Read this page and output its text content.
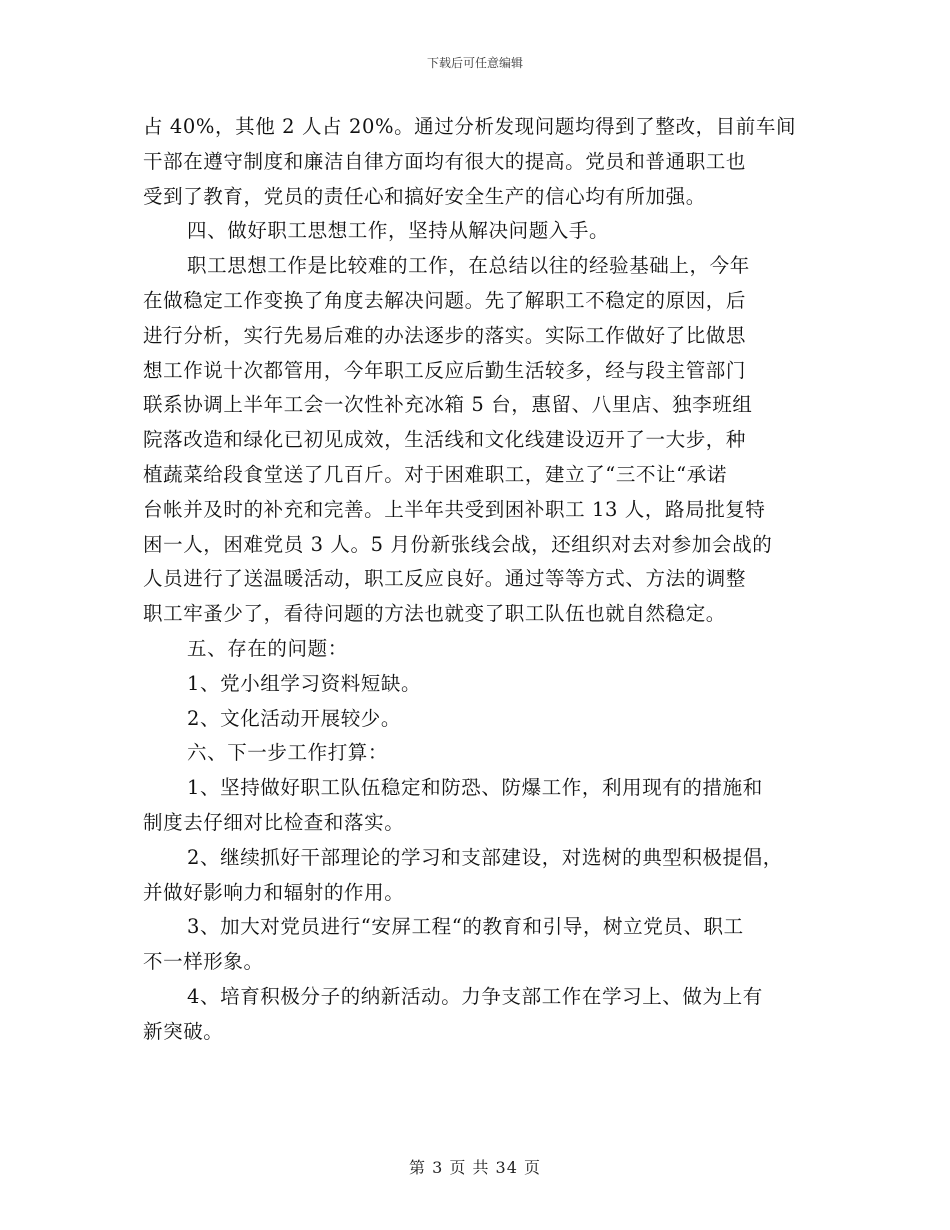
下载后可任意编辑
占 40%，其他 2 人占 20%。通过分析发现问题均得到了整改，目前车间
干部在遵守制度和廉洁自律方面均有很大的提高。党员和普通职工也
受到了教育，党员的责任心和搞好安全生产的信心均有所加强。
四、做好职工思想工作，坚持从解决问题入手。
职工思想工作是比较难的工作，在总结以往的经验基础上，今年
在做稳定工作变换了角度去解决问题。先了解职工不稳定的原因，后
进行分析，实行先易后难的办法逐步的落实。实际工作做好了比做思
想工作说十次都管用，今年职工反应后勤生活较多，经与段主管部门
联系协调上半年工会一次性补充冰箱 5 台，惠留、八里店、独李班组
院落改造和绿化已初见成效，生活线和文化线建设迈开了一大步，种
植蔬菜给段食堂送了几百斤。对于困难职工，建立了“三不让“承诺
台帐并及时的补充和完善。上半年共受到困补职工 13 人，路局批复特
困一人，困难党员 3 人。5 月份新张线会战，还组织对去对参加会战的
人员进行了送温暖活动，职工反应良好。通过等等方式、方法的调整
职工牢蚤少了，看待问题的方法也就变了职工队伍也就自然稳定。
五、存在的问题：
1、党小组学习资料短缺。
2、文化活动开展较少。
六、下一步工作打算：
1、坚持做好职工队伍稳定和防恐、防爆工作，利用现有的措施和
制度去仔细对比检查和落实。
2、继续抓好干部理论的学习和支部建设，对选树的典型积极提倡，
并做好影响力和辐射的作用。
3、加大对党员进行“安屏工程“的教育和引导，树立党员、职工
不一样形象。
4、培育积极分子的纳新活动。力争支部工作在学习上、做为上有
新突破。
第 3 页 共 34 页
